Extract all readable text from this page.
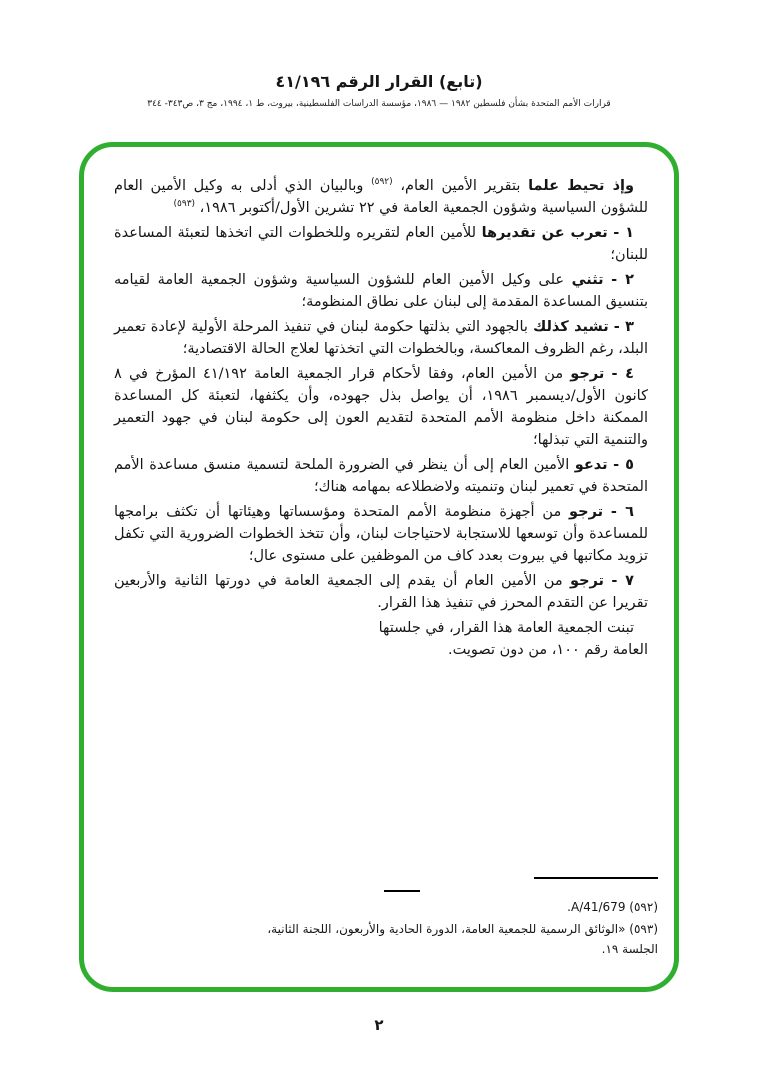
(تابع) القرار الرقم ٤١/١٩٦
قرارات الأمم المتحدة بشأن فلسطين ١٩٨٢ — ١٩٨٦، مؤسسة الدراسات الفلسطينية، بيروت، ط ١، ١٩٩٤، مج ٣، ص٣٤٣- ٣٤٤

وإذ تحيط علما بتقرير الأمين العام، $^{(٥٩٢)}$ وبالبيان الذي أدلى به وكيل الأمين العام للشؤون السياسية وشؤون الجمعية العامة في ٢٢ تشرين الأول/أكتوبر ١٩٨٦، $^{(٥٩٣)}$

١ - تعرب عن تقديرها للأمين العام لتقريره وللخطوات التي اتخذها لتعبئة المساعدة للبنان؛

٢ - تثني على وكيل الأمين العام للشؤون السياسية وشؤون الجمعية العامة لقيامه بتنسيق المساعدة المقدمة إلى لبنان على نطاق المنظومة؛

٣ - تشيد كذلك بالجهود التي بذلتها حكومة لبنان في تنفيذ المرحلة الأولية لإعادة تعمير البلد، رغم الظروف المعاكسة، وبالخطوات التي اتخذتها لعلاج الحالة الاقتصادية؛

٤ - ترجو من الأمين العام، وفقا لأحكام قرار الجمعية العامة ٤١/١٩٢ المؤرخ في ٨ كانون الأول/ديسمبر ١٩٨٦، أن يواصل بذل جهوده، وأن يكثفها، لتعبئة كل المساعدة الممكنة داخل منظومة الأمم المتحدة لتقديم العون إلى حكومة لبنان في جهود التعمير والتنمية التي تبذلها؛

٥ - تدعو الأمين العام إلى أن ينظر في الضرورة الملحة لتسمية منسق مساعدة الأمم المتحدة في تعمير لبنان وتنميته ولاضطلاعه بمهامه هناك؛

٦ - ترجو من أجهزة منظومة الأمم المتحدة ومؤسساتها وهيئاتها أن تكثف برامجها للمساعدة وأن توسعها للاستجابة لاحتياجات لبنان، وأن تتخذ الخطوات الضرورية التي تكفل تزويد مكاتبها في بيروت بعدد كاف من الموظفين على مستوى عال؛

٧ - ترجو من الأمين العام أن يقدم إلى الجمعية العامة في دورتها الثانية والأربعين تقريرا عن التقدم المحرز في تنفيذ هذا القرار.

تبنت الجمعية العامة هذا القرار، في جلستها العامة رقم ١٠٠، من دون تصويت.

(٥٩٢) A/41/679.
(٥٩٣) «الوثائق الرسمية للجمعية العامة، الدورة الحادية والأربعون، اللجنة الثانية، الجلسة ١٩.
٢
